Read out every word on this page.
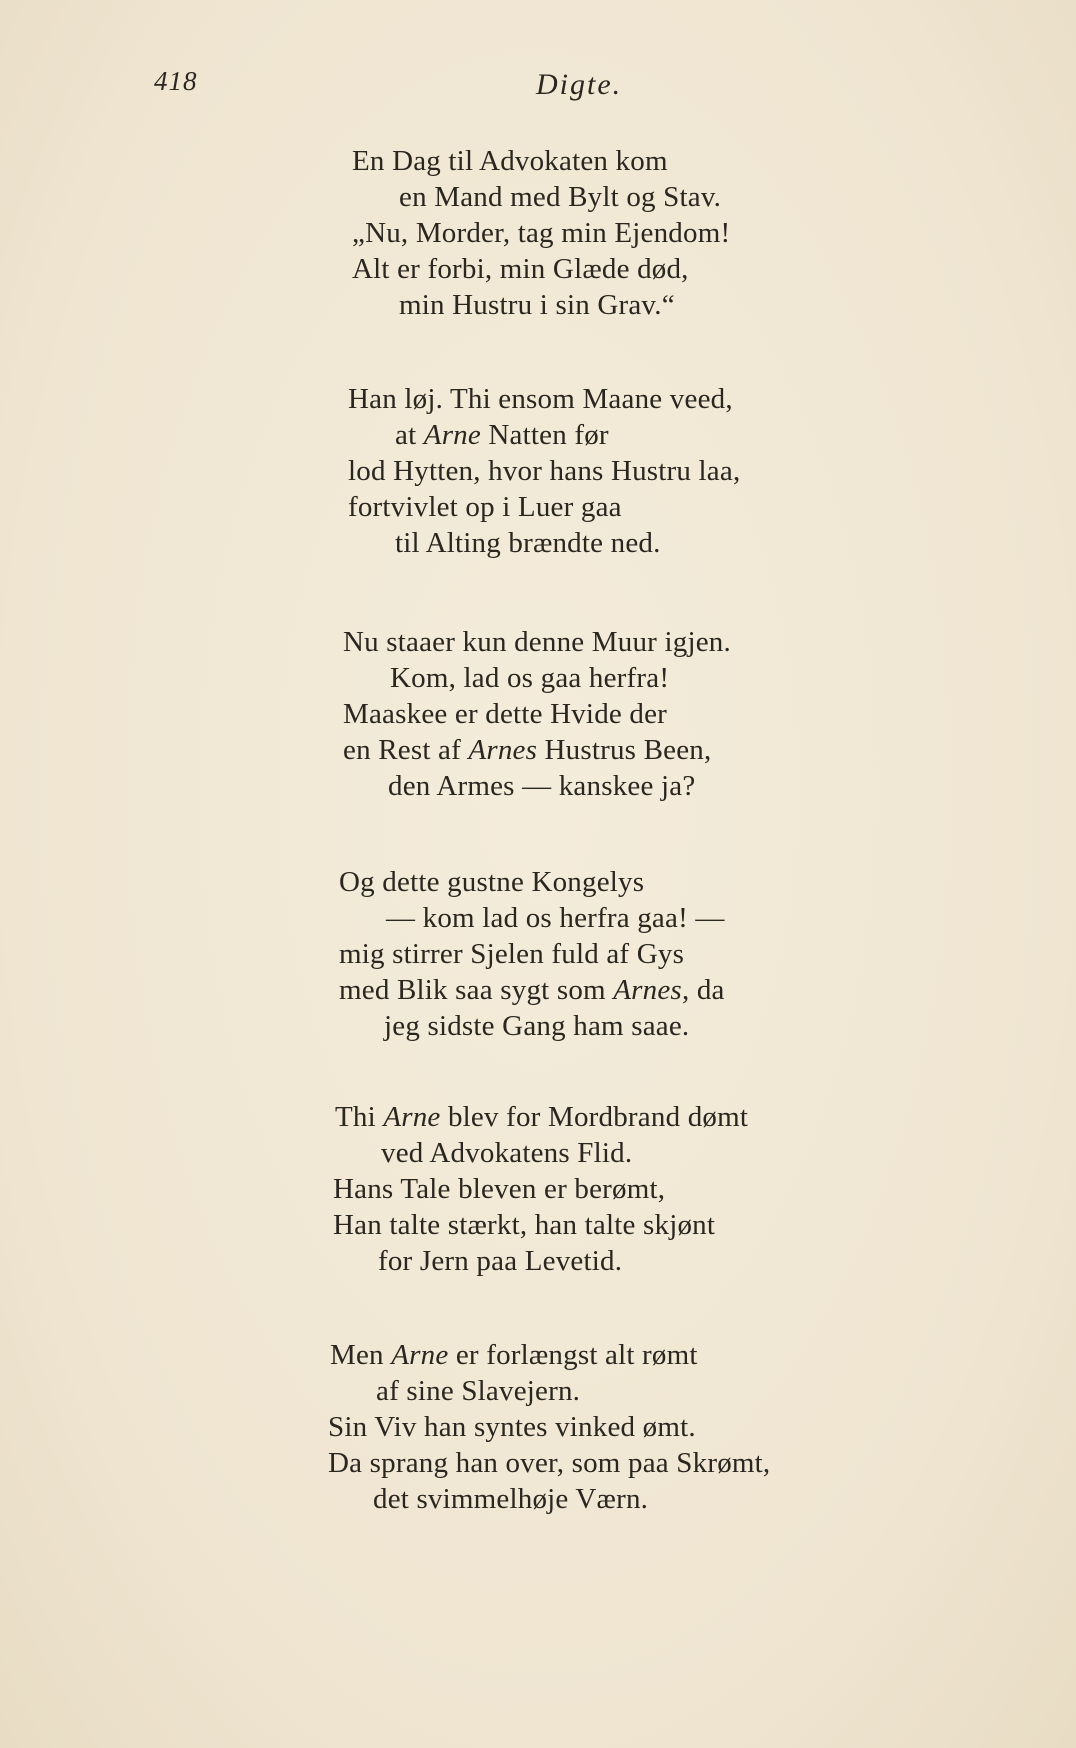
418	Digte.
En Dag til Advokaten kom
en Mand med Bylt og Stav.
„Nu, Morder, tag min Ejendom!
Alt er forbi, min Glæde død,
min Hustru i sin Grav.“
Han løj. Thi ensom Maane veed,
at Arne Natten før
lod Hytten, hvor hans Hustru laa,
fortvivlet op i Luer gaa
til Alting brændte ned.
Nu staaer kun denne Muur igjen.
Kom, lad os gaa herfra!
Maaskee er dette Hvide der
en Rest af Arnes Hustrus Been,
den Armes — kanskee ja?
Og dette gustne Kongelys
— kom lad os herfra gaa! —
mig stirrer Sjelen fuld af Gys
med Blik saa sygt som Arnes, da
jeg sidste Gang ham saae.
Thi Arne blev for Mordbrand dømt
ved Advokatens Flid.
Hans Tale bleven er berømt,
Han talte stærkt, han talte skjønt
for Jern paa Levetid.
Men Arne er forlængst alt rømt
af sine Slavejern.
Sin Viv han syntes vinked ømt.
Da sprang han over, som paa Skrømt,
det svimmelhøje Værn.
